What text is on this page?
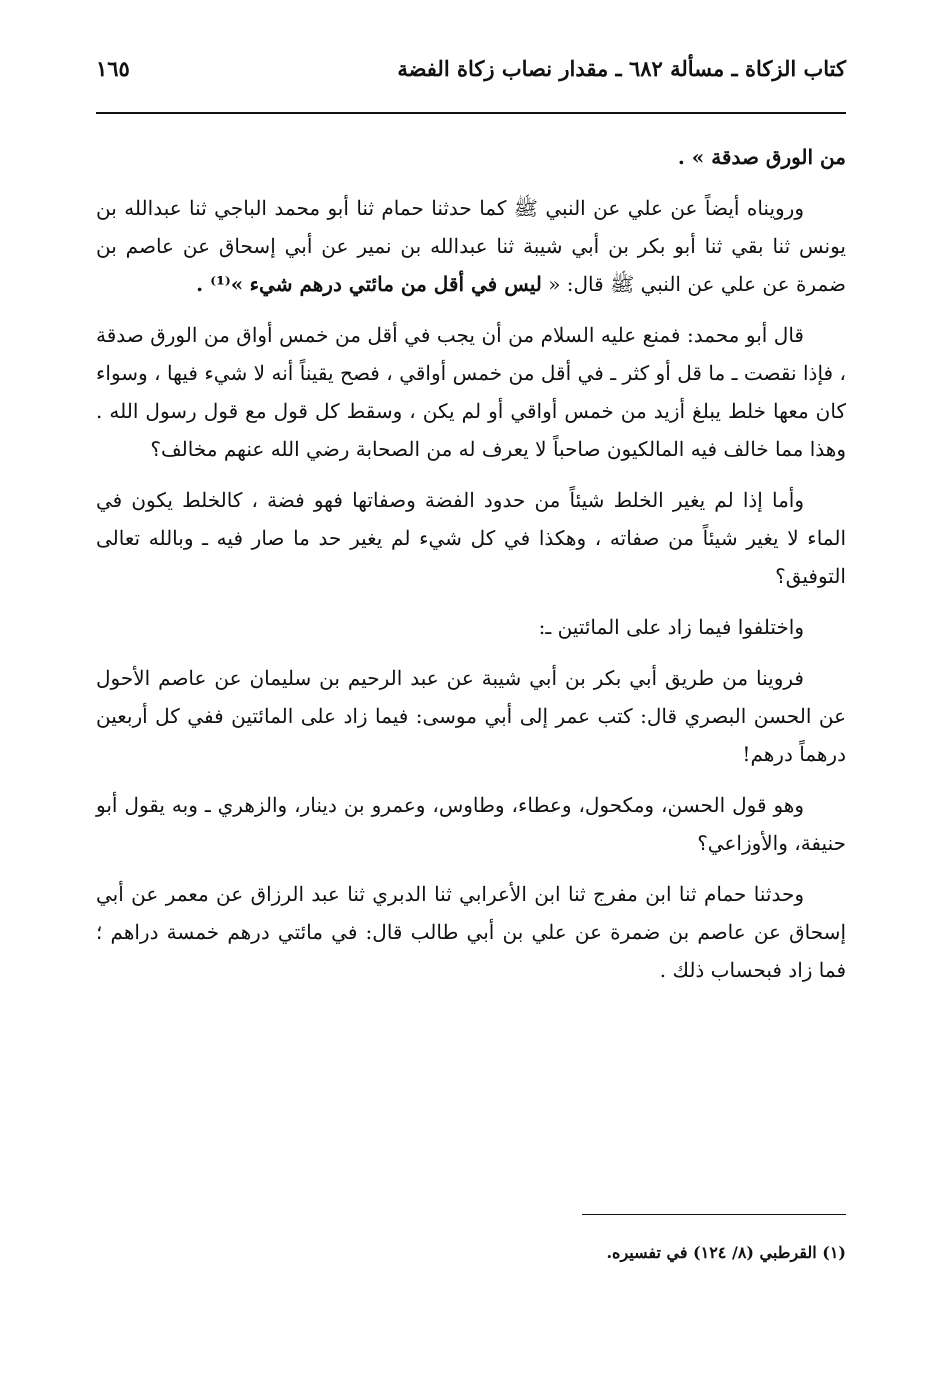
كتاب الزكاة ـ مسألة ٦٨٢ ـ مقدار نصاب زكاة الفضة
١٦٥

من الورق صدقة » .

ورويناه أيضاً عن علي عن النبي ﷺ كما حدثنا حمام ثنا أبو محمد الباجي ثنا عبدالله بن يونس ثنا بقي ثنا أبو بكر بن أبي شيبة ثنا عبدالله بن نمير عن أبي إسحاق عن عاصم بن ضمرة عن علي عن النبي ﷺ قال: « ليس في أقل من مائتي درهم شيء »⁽¹⁾ .

قال أبو محمد: فمنع عليه السلام من أن يجب في أقل من خمس أواق من الورق صدقة ، فإذا نقصت ـ ما قل أو كثر ـ في أقل من خمس أواقي ، فصح يقيناً أنه لا شيء فيها ، وسواء كان معها خلط يبلغ أزيد من خمس أواقي أو لم يكن ، وسقط كل قول مع قول رسول الله . وهذا مما خالف فيه المالكيون صاحباً لا يعرف له من الصحابة رضي الله عنهم مخالف؟

وأما إذا لم يغير الخلط شيئاً من حدود الفضة وصفاتها فهو فضة ، كالخلط يكون في الماء لا يغير شيئاً من صفاته ، وهكذا في كل شيء لم يغير حد ما صار فيه ـ وبالله تعالى التوفيق؟

واختلفوا فيما زاد على المائتين ـ:

فروينا من طريق أبي بكر بن أبي شيبة عن عبد الرحيم بن سليمان عن عاصم الأحول عن الحسن البصري قال: كتب عمر إلى أبي موسى: فيما زاد على المائتين ففي كل أربعين درهماً درهم!

وهو قول الحسن، ومكحول، وعطاء، وطاوس، وعمرو بن دينار، والزهري ـ وبه يقول أبو حنيفة، والأوزاعي؟

وحدثنا حمام ثنا ابن مفرج ثنا ابن الأعرابي ثنا الدبري ثنا عبد الرزاق عن معمر عن أبي إسحاق عن عاصم بن ضمرة عن علي بن أبي طالب قال: في مائتي درهم خمسة دراهم ؛ فما زاد فبحساب ذلك .

(١) القرطبي (٨/ ١٢٤) في تفسيره.
